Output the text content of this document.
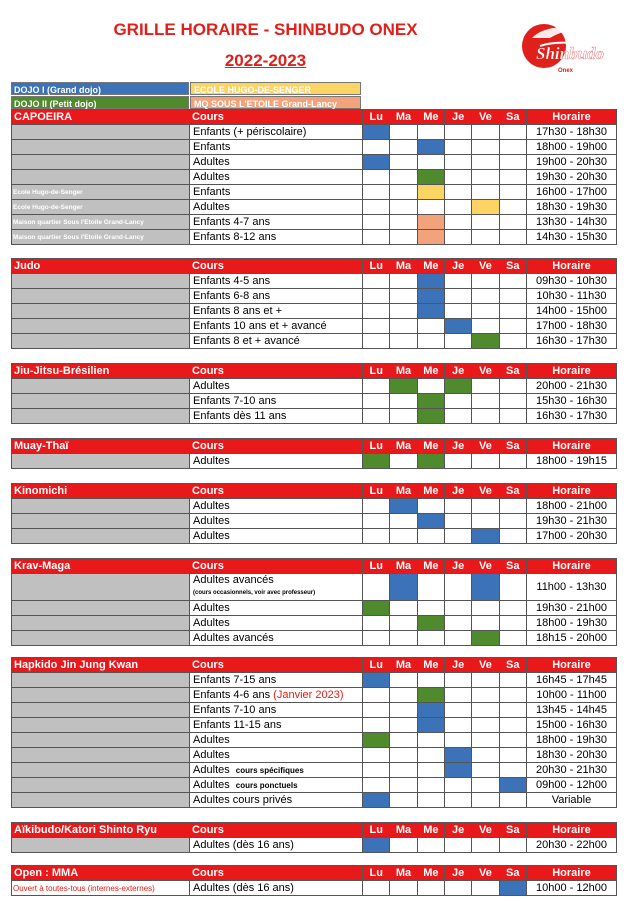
GRILLE HORAIRE - SHINBUDO ONEX
2022-2023	Shinbudo
Onex
DOJO I (Grand dojo)	ECOLE HUGO-DE-SENGER
DOJO II (Petit dojo)	MQ SOUS L'ETOILE Grand-Lancy
CAPOEIRA	Cours	Lu	Ma	Me	Je	Ve	Sa	Horaire
	Enfants (+ périscolaire)							17h30 - 18h30
	Enfants							18h00 - 19h00
	Adultes							19h00 - 20h30
	Adultes							19h30 - 20h30
Ecole Hugo-de-Senger	Enfants							16h00 - 17h00
Ecole Hugo-de-Senger	Adultes							18h30 - 19h30
Maison quartier Sous l'Etoile Grand-Lancy	Enfants 4-7 ans							13h30 - 14h30
Maison quartier Sous l'Etoile Grand-Lancy	Enfants 8-12 ans							14h30 - 15h30
Judo	Cours	Lu	Ma	Me	Je	Ve	Sa	Horaire
	Enfants 4-5 ans							09h30 - 10h30
	Enfants 6-8 ans							10h30 - 11h30
	Enfants 8 ans et +							14h00 - 15h00
	Enfants 10 ans et + avancé							17h00 - 18h30
	Enfants 8 et + avancé							16h30 - 17h30
Jiu-Jitsu-Brésilien	Cours	Lu	Ma	Me	Je	Ve	Sa	Horaire
	Adultes							20h00 - 21h30
	Enfants 7-10 ans							15h30 - 16h30
	Enfants dès 11 ans							16h30 - 17h30
Muay-Thaï	Cours	Lu	Ma	Me	Je	Ve	Sa	Horaire
	Adultes							18h00 - 19h15
Kinomichi	Cours	Lu	Ma	Me	Je	Ve	Sa	Horaire
	Adultes							18h00 - 21h00
	Adultes							19h30 - 21h30
	Adultes							17h00 - 20h30
Krav-Maga	Cours	Lu	Ma	Me	Je	Ve	Sa	Horaire
	Adultes avancés
(cours occasionnels, voir avec professeur)							11h00 - 13h30
	Adultes							19h30 - 21h00
	Adultes							18h00 - 19h30
	Adultes avancés							18h15 - 20h00
Hapkido Jin Jung Kwan	Cours	Lu	Ma	Me	Je	Ve	Sa	Horaire
	Enfants 7-15 ans							16h45 - 17h45
	Enfants 4-6 ans (Janvier 2023)							10h00 - 11h00
	Enfants 7-10 ans							13h45 - 14h45
	Enfants 11-15 ans							15h00 - 16h30
	Adultes							18h00 - 19h30
	Adultes							18h30 - 20h30
	Adultes cours spécifiques							20h30 - 21h30
	Adultes cours ponctuels							09h00 - 12h00
	Adultes cours privés							Variable
Aïkibudo/Katori Shinto Ryu	Cours	Lu	Ma	Me	Je	Ve	Sa	Horaire
	Adultes (dès 16 ans)							20h30 - 22h00
Open : MMA	Cours	Lu	Ma	Me	Je	Ve	Sa	Horaire
Ouvert à toutes-tous (internes-externes)	Adultes (dès 16 ans)							10h00 - 12h00
